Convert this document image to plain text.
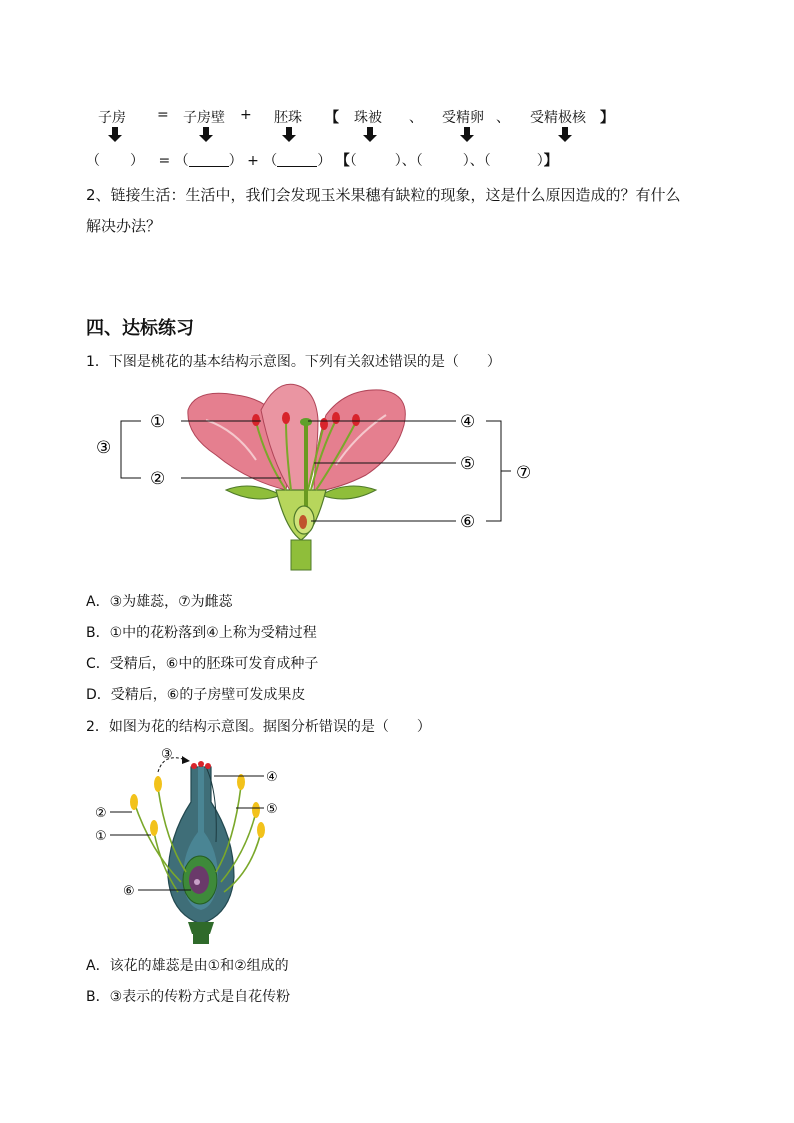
子房 = 子房壁 + 胚珠 【 珠被 、 受精卵 、 受精极核 】
（ ） = （	） + （	） 【（	）、（	）、（	）】
2、链接生活：生活中，我们会发现玉米果穗有缺粒的现象，这是什么原因造成的？有什么
解决办法？
四、达标练习
1．下图是桃花的基本结构示意图。下列有关叙述错误的是（　　）
①
②
③
④
⑤
⑥
⑦
A．③为雄蕊，⑦为雌蕊
B．①中的花粉落到④上称为受精过程
C．受精后，⑥中的胚珠可发育成种子
D．受精后，⑥的子房壁可发成果皮
2．如图为花的结构示意图。据图分析错误的是（　　）
③
④
⑤
②
①
⑥
A．该花的雄蕊是由①和②组成的
B．③表示的传粉方式是自花传粉
